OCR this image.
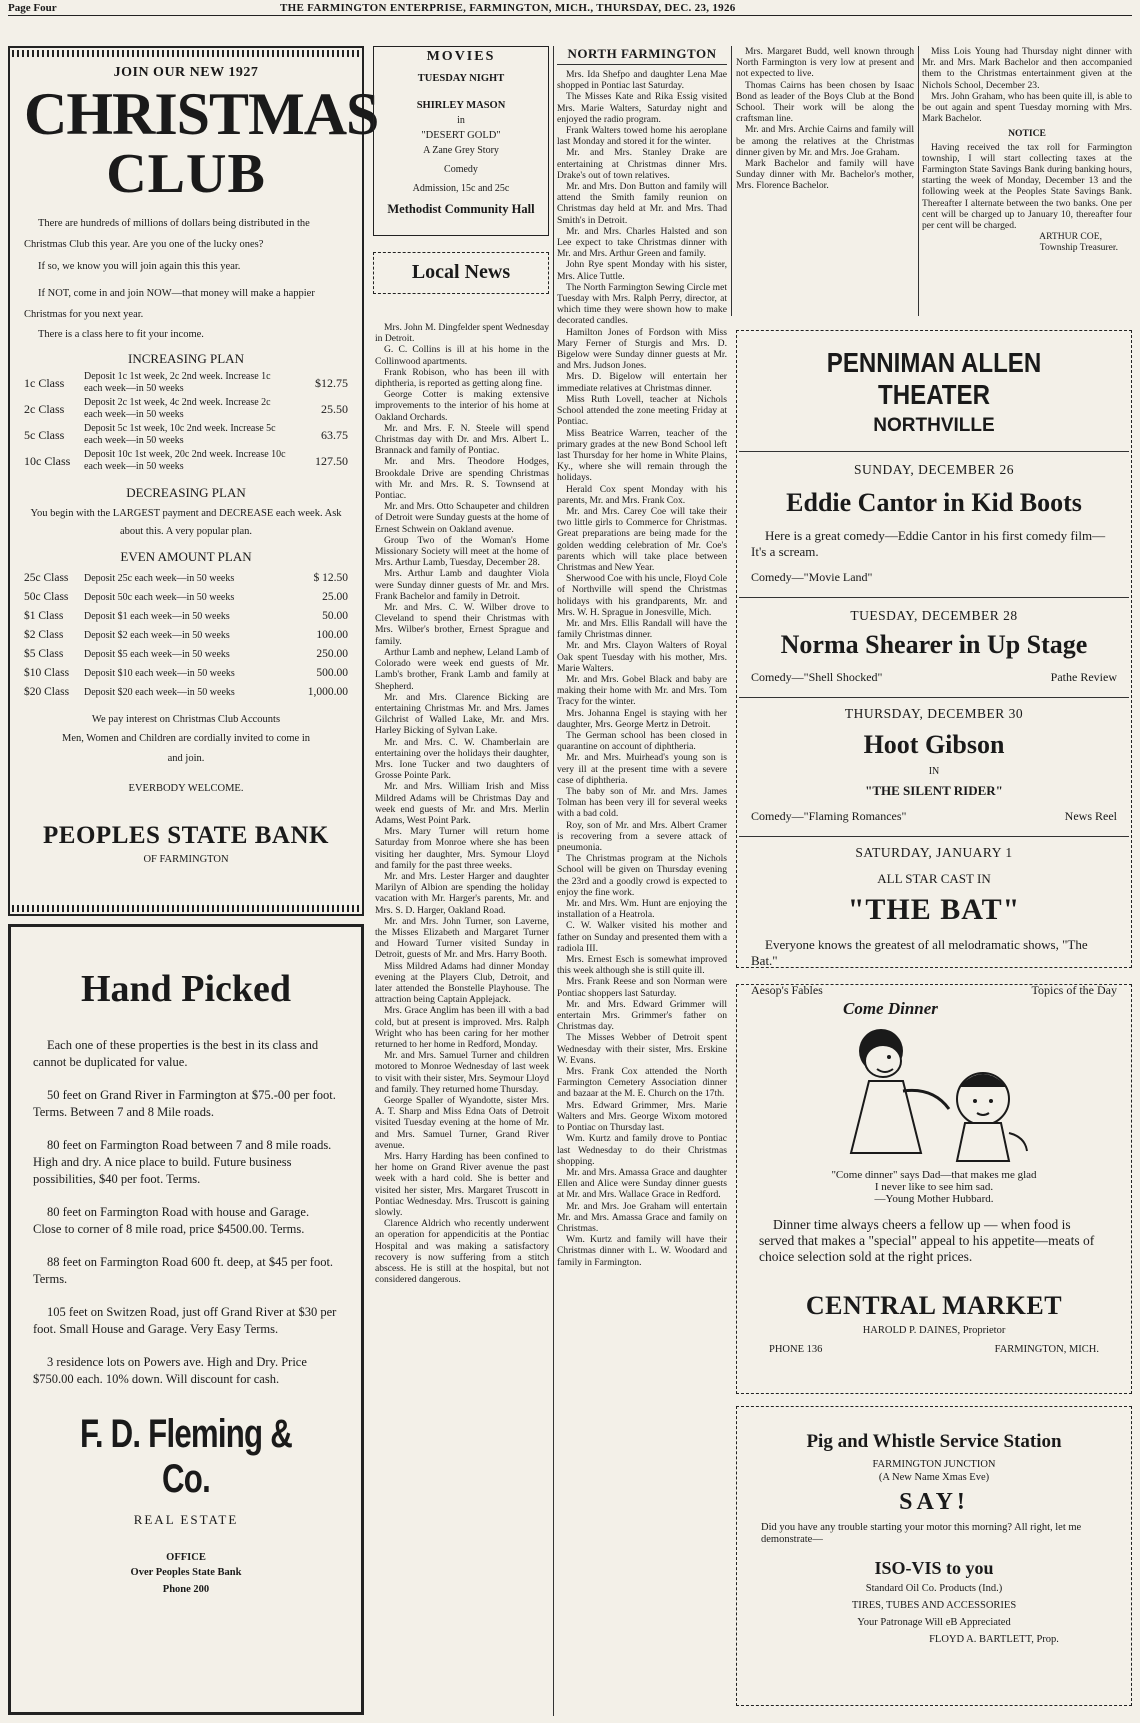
Page Four	THE FARMINGTON ENTERPRISE, FARMINGTON, MICH., THURSDAY, DEC. 23, 1926
JOIN OUR NEW 1927
CHRISTMAS
CLUB

There are hundreds of millions of dollars being distributed in the Christmas Club this year. Are you one of the lucky ones?

If so, we know you will join again this this year.

If NOT, come in and join NOW—that money will make a happier Christmas for you next year.

There is a class here to fit your income.

INCREASING PLAN
1c Class	Deposit 1c 1st week, 2c 2nd week. Increase 1c each week—in 50 weeks	$12.75
2c Class	Deposit 2c 1st week, 4c 2nd week. Increase 2c each week—in 50 weeks	25.50
5c Class	Deposit 5c 1st week, 10c 2nd week. Increase 5c each week—in 50 weeks	63.75
10c Class	Deposit 10c 1st week, 20c 2nd week. Increase 10c each week—in 50 weeks	127.50
DECREASING PLAN

You begin with the LARGEST payment and DECREASE each week. Ask about this. A very popular plan.

EVEN AMOUNT PLAN
25c Class	Deposit 25c each week—in 50 weeks	$ 12.50
50c Class	Deposit 50c each week—in 50 weeks	25.00
$1 Class	Deposit $1 each week—in 50 weeks	50.00
$2 Class	Deposit $2 each week—in 50 weeks	100.00
$5 Class	Deposit $5 each week—in 50 weeks	250.00
$10 Class	Deposit $10 each week—in 50 weeks	500.00
$20 Class	Deposit $20 each week—in 50 weeks	1,000.00

We pay interest on Christmas Club Accounts

Men, Women and Children are cordially invited to come in and join.

EVERBODY WELCOME.

PEOPLES STATE BANK
OF FARMINGTON
Hand Picked

Each one of these properties is the best in its class and cannot be duplicated for value.

50 feet on Grand River in Farmington at $75.-00 per foot. Terms. Between 7 and 8 Mile roads.

80 feet on Farmington Road between 7 and 8 mile roads. High and dry. A nice place to build. Future business possibilities, $40 per foot. Terms.

80 feet on Farmington Road with house and Garage. Close to corner of 8 mile road, price $4500.00. Terms.

88 feet on Farmington Road 600 ft. deep, at $45 per foot. Terms.

105 feet on Switzen Road, just off Grand River at $30 per foot. Small House and Garage. Very Easy Terms.

3 residence lots on Powers ave. High and Dry. Price $750.00 each. 10% down. Will discount for cash.

F. D. Fleming & Co.
REAL ESTATE
OFFICE
Over Peoples State Bank
Phone 200
MOVIES
TUESDAY NIGHT
SHIRLEY MASON
in
"DESERT GOLD"
A Zane Grey Story
Comedy
Admission, 15c and 25c
Methodist Community Hall
Local News

Mrs. John M. Dingfelder spent Wednesday in Detroit.

G. C. Collins is ill at his home in the Collinwood apartments.

Frank Robison, who has been ill with diphtheria, is reported as getting along fine.

George Cotter is making extensive improvements to the interior of his home at Oakland Orchards.

Mr. and Mrs. F. N. Steele will spend Christmas day with Dr. and Mrs. Albert L. Brannack and family of Pontiac.

Mr. and Mrs. Theodore Hodges, Brookdale Drive are spending Christmas with Mr. and Mrs. R. S. Townsend at Pontiac.

Mr. and Mrs. Otto Schaupeter and children of Detroit were Sunday guests at the home of Ernest Schwein on Oakland avenue.

Group Two of the Woman's Home Missionary Society will meet at the home of Mrs. Arthur Lamb, Tuesday, December 28.

Mrs. Arthur Lamb and daughter Viola were Sunday dinner guests of Mr. and Mrs. Frank Bachelor and family in Detroit.

Mr. and Mrs. C. W. Wilber drove to Cleveland to spend their Christmas with Mrs. Wilber's brother, Ernest Sprague and family.

Arthur Lamb and nephew, Leland Lamb of Colorado were week end guests of Mr. Lamb's brother, Frank Lamb and family at Shepherd.

Mr. and Mrs. Clarence Bicking are entertaining Christmas Mr. and Mrs. James Gilchrist of Walled Lake, Mr. and Mrs. Harley Bicking of Sylvan Lake.

Mr. and Mrs. C. W. Chamberlain are entertaining over the holidays their daughter, Mrs. Ione Tucker and two daughters of Grosse Pointe Park.

Mr. and Mrs. William Irish and Miss Mildred Adams will be Christmas Day and week end guests of Mr. and Mrs. Merlin Adams, West Point Park.

Mrs. Mary Turner will return home Saturday from Monroe where she has been visiting her daughter, Mrs. Symour Lloyd and family for the past three weeks.

Mr. and Mrs. Lester Harger and daughter Marilyn of Albion are spending the holiday vacation with Mr. Harger's parents, Mr. and Mrs. S. D. Harger, Oakland Road.

Mr. and Mrs. John Turner, son Laverne, the Misses Elizabeth and Margaret Turner and Howard Turner visited Sunday in Detroit, guests of Mr. and Mrs. Harry Booth.

Miss Mildred Adams had dinner Monday evening at the Players Club, Detroit, and later attended the Bonstelle Playhouse. The attraction being Captain Applejack.

Mrs. Grace Anglim has been ill with a bad cold, but at present is improved. Mrs. Ralph Wright who has been caring for her mother returned to her home in Redford, Monday.

Mr. and Mrs. Samuel Turner and children motored to Monroe Wednesday of last week to visit with their sister, Mrs. Seymour Lloyd and family. They returned home Thursday.

George Spaller of Wyandotte, sister Mrs. A. T. Sharp and Miss Edna Oats of Detroit visited Tuesday evening at the home of Mr. and Mrs. Samuel Turner, Grand River avenue.

Mrs. Harry Harding has been confined to her home on Grand River avenue the past week with a hard cold. She is better and visited her sister, Mrs. Margaret Truscott in Pontiac Wednesday. Mrs. Truscott is gaining slowly.

Clarence Aldrich who recently underwent an operation for appendicitis at the Pontiac Hospital and was making a satisfactory recovery is now suffering from a stitch abscess. He is still at the hospital, but not considered dangerous.

NORTH FARMINGTON

Mrs. Ida Shefpo and daughter Lena Mae shopped in Pontiac last Saturday.

The Misses Kate and Rika Essig visited Mrs. Marie Walters, Saturday night and enjoyed the radio program.

Frank Walters towed home his aeroplane last Monday and stored it for the winter.

Mr. and Mrs. Stanley Drake are entertaining at Christmas dinner Mrs. Drake's out of town relatives.

Mr. and Mrs. Don Button and family will attend the Smith family reunion on Christmas day held at Mr. and Mrs. Thad Smith's in Detroit.

Mr. and Mrs. Charles Halsted and son Lee expect to take Christmas dinner with Mr. and Mrs. Arthur Green and family.

John Rye spent Monday with his sister, Mrs. Alice Tuttle.

The North Farmington Sewing Circle met Tuesday with Mrs. Ralph Perry, director, at which time they were shown how to make decorated candles.

Hamilton Jones of Fordson with Miss Mary Ferner of Sturgis and Mrs. D. Bigelow were Sunday dinner guests at Mr. and Mrs. Judson Jones.

Mrs. D. Bigelow will entertain her immediate relatives at Christmas dinner.

Miss Ruth Lovell, teacher at Nichols School attended the zone meeting Friday at Pontiac.

Miss Beatrice Warren, teacher of the primary grades at the new Bond School left last Thursday for her home in White Plains, Ky., where she will remain through the holidays.

Herald Cox spent Monday with his parents, Mr. and Mrs. Frank Cox.

Mr. and Mrs. Carey Coe will take their two little girls to Commerce for Christmas. Great preparations are being made for the golden wedding celebration of Mr. Coe's parents which will take place between Christmas and New Year.

Sherwood Coe with his uncle, Floyd Cole of Northville will spend the Christmas holidays with his grandparents, Mr. and Mrs. W. H. Sprague in Jonesville, Mich.

Mr. and Mrs. Ellis Randall will have the family Christmas dinner.

Mr. and Mrs. Clayon Walters of Royal Oak spent Tuesday with his mother, Mrs. Marie Walters.

Mr. and Mrs. Gobel Black and baby are making their home with Mr. and Mrs. Tom Tracy for the winter.

Mrs. Johanna Engel is staying with her daughter, Mrs. George Mertz in Detroit.

The German school has been closed in quarantine on account of diphtheria.

Mr. and Mrs. Muirhead's young son is very ill at the present time with a severe case of diphtheria.

The baby son of Mr. and Mrs. James Tolman has been very ill for several weeks with a bad cold.

Roy, son of Mr. and Mrs. Albert Cramer is recovering from a severe attack of pneumonia.

The Christmas program at the Nichols School will be given on Thursday evening the 23rd and a goodly crowd is expected to enjoy the fine work.

Mr. and Mrs. Wm. Hunt are enjoying the installation of a Heatrola.

C. W. Walker visited his mother and father on Sunday and presented them with a radiola III.

Mrs. Ernest Esch is somewhat improved this week although she is still quite ill.

Mrs. Frank Reese and son Norman were Pontiac shoppers last Saturday.

Mr. and Mrs. Edward Grimmer will entertain Mrs. Grimmer's father on Christmas day.

The Misses Webber of Detroit spent Wednesday with their sister, Mrs. Erskine W. Evans.

Mrs. Frank Cox attended the North Farmington Cemetery Association dinner and bazaar at the M. E. Church on the 17th.

Mrs. Edward Grimmer, Mrs. Marie Walters and Mrs. George Wixom motored to Pontiac on Thursday last.

Wm. Kurtz and family drove to Pontiac last Wednesday to do their Christmas shopping.

Mr. and Mrs. Amassa Grace and daughter Ellen and Alice were Sunday dinner guests at Mr. and Mrs. Wallace Grace in Redford.

Mr. and Mrs. Joe Graham will entertain Mr. and Mrs. Amassa Grace and family on Christmas.

Wm. Kurtz and family will have their Christmas dinner with L. W. Woodard and family in Farmington.

Mrs. Margaret Budd, well known through North Farmington is very low at present and not expected to live.

Thomas Cairns has been chosen by Isaac Bond as leader of the Boys Club at the Bond School. Their work will be along the craftsman line.

Mr. and Mrs. Archie Cairns and family will be among the relatives at the Christmas dinner given by Mr. and Mrs. Joe Graham.

Mark Bachelor and family will have Sunday dinner with Mr. Bachelor's mother, Mrs. Florence Bachelor.

Miss Lois Young had Thursday night dinner with Mr. and Mrs. Mark Bachelor and then accompanied them to the Christmas entertainment given at the Nichols School, December 23.

Mrs. John Graham, who has been quite ill, is able to be out again and spent Tuesday morning with Mrs. Mark Bachelor.

NOTICE

Having received the tax roll for Farmington township, I will start collecting taxes at the Farmington State Savings Bank during banking hours, starting the week of Monday, December 13 and the following week at the Peoples State Savings Bank. Thereafter I alternate between the two banks. One per cent will be charged up to January 10, thereafter four per cent will be charged.

ARTHUR COE,

Township Treasurer.

PENNIMAN ALLEN THEATER
NORTHVILLE
SUNDAY, DECEMBER 26
Eddie Cantor in Kid Boots

Here is a great comedy—Eddie Cantor in his first comedy film—It's a scream.

Comedy—"Movie Land"

TUESDAY, DECEMBER 28
Norma Shearer in Up Stage
Comedy—"Shell Shocked"	Pathe Review
THURSDAY, DECEMBER 30
Hoot Gibson
IN
"THE SILENT RIDER"
Comedy—"Flaming Romances"	News Reel
SATURDAY, JANUARY 1
ALL STAR CAST IN
"THE BAT"

Everyone knows the greatest of all melodramatic shows, "The Bat."

Aesop's Fables	Topics of the Day
Come Dinner

"Come dinner" says Dad—that makes me glad

I never like to see him sad.

—Young Mother Hubbard.

Dinner time always cheers a fellow up — when food is served that makes a "special" appeal to his appetite—meats of choice selection sold at the right prices.

CENTRAL MARKET
HAROLD P. DAINES, Proprietor
PHONE 136	FARMINGTON, MICH.
Pig and Whistle Service Station
FARMINGTON JUNCTION
(A New Name Xmas Eve)
SAY!

Did you have any trouble starting your motor this morning? All right, let me demonstrate—

ISO-VIS to you
Standard Oil Co. Products (Ind.)
TIRES, TUBES AND ACCESSORIES
Your Patronage Will eB Appreciated
FLOYD A. BARTLETT, Prop.
